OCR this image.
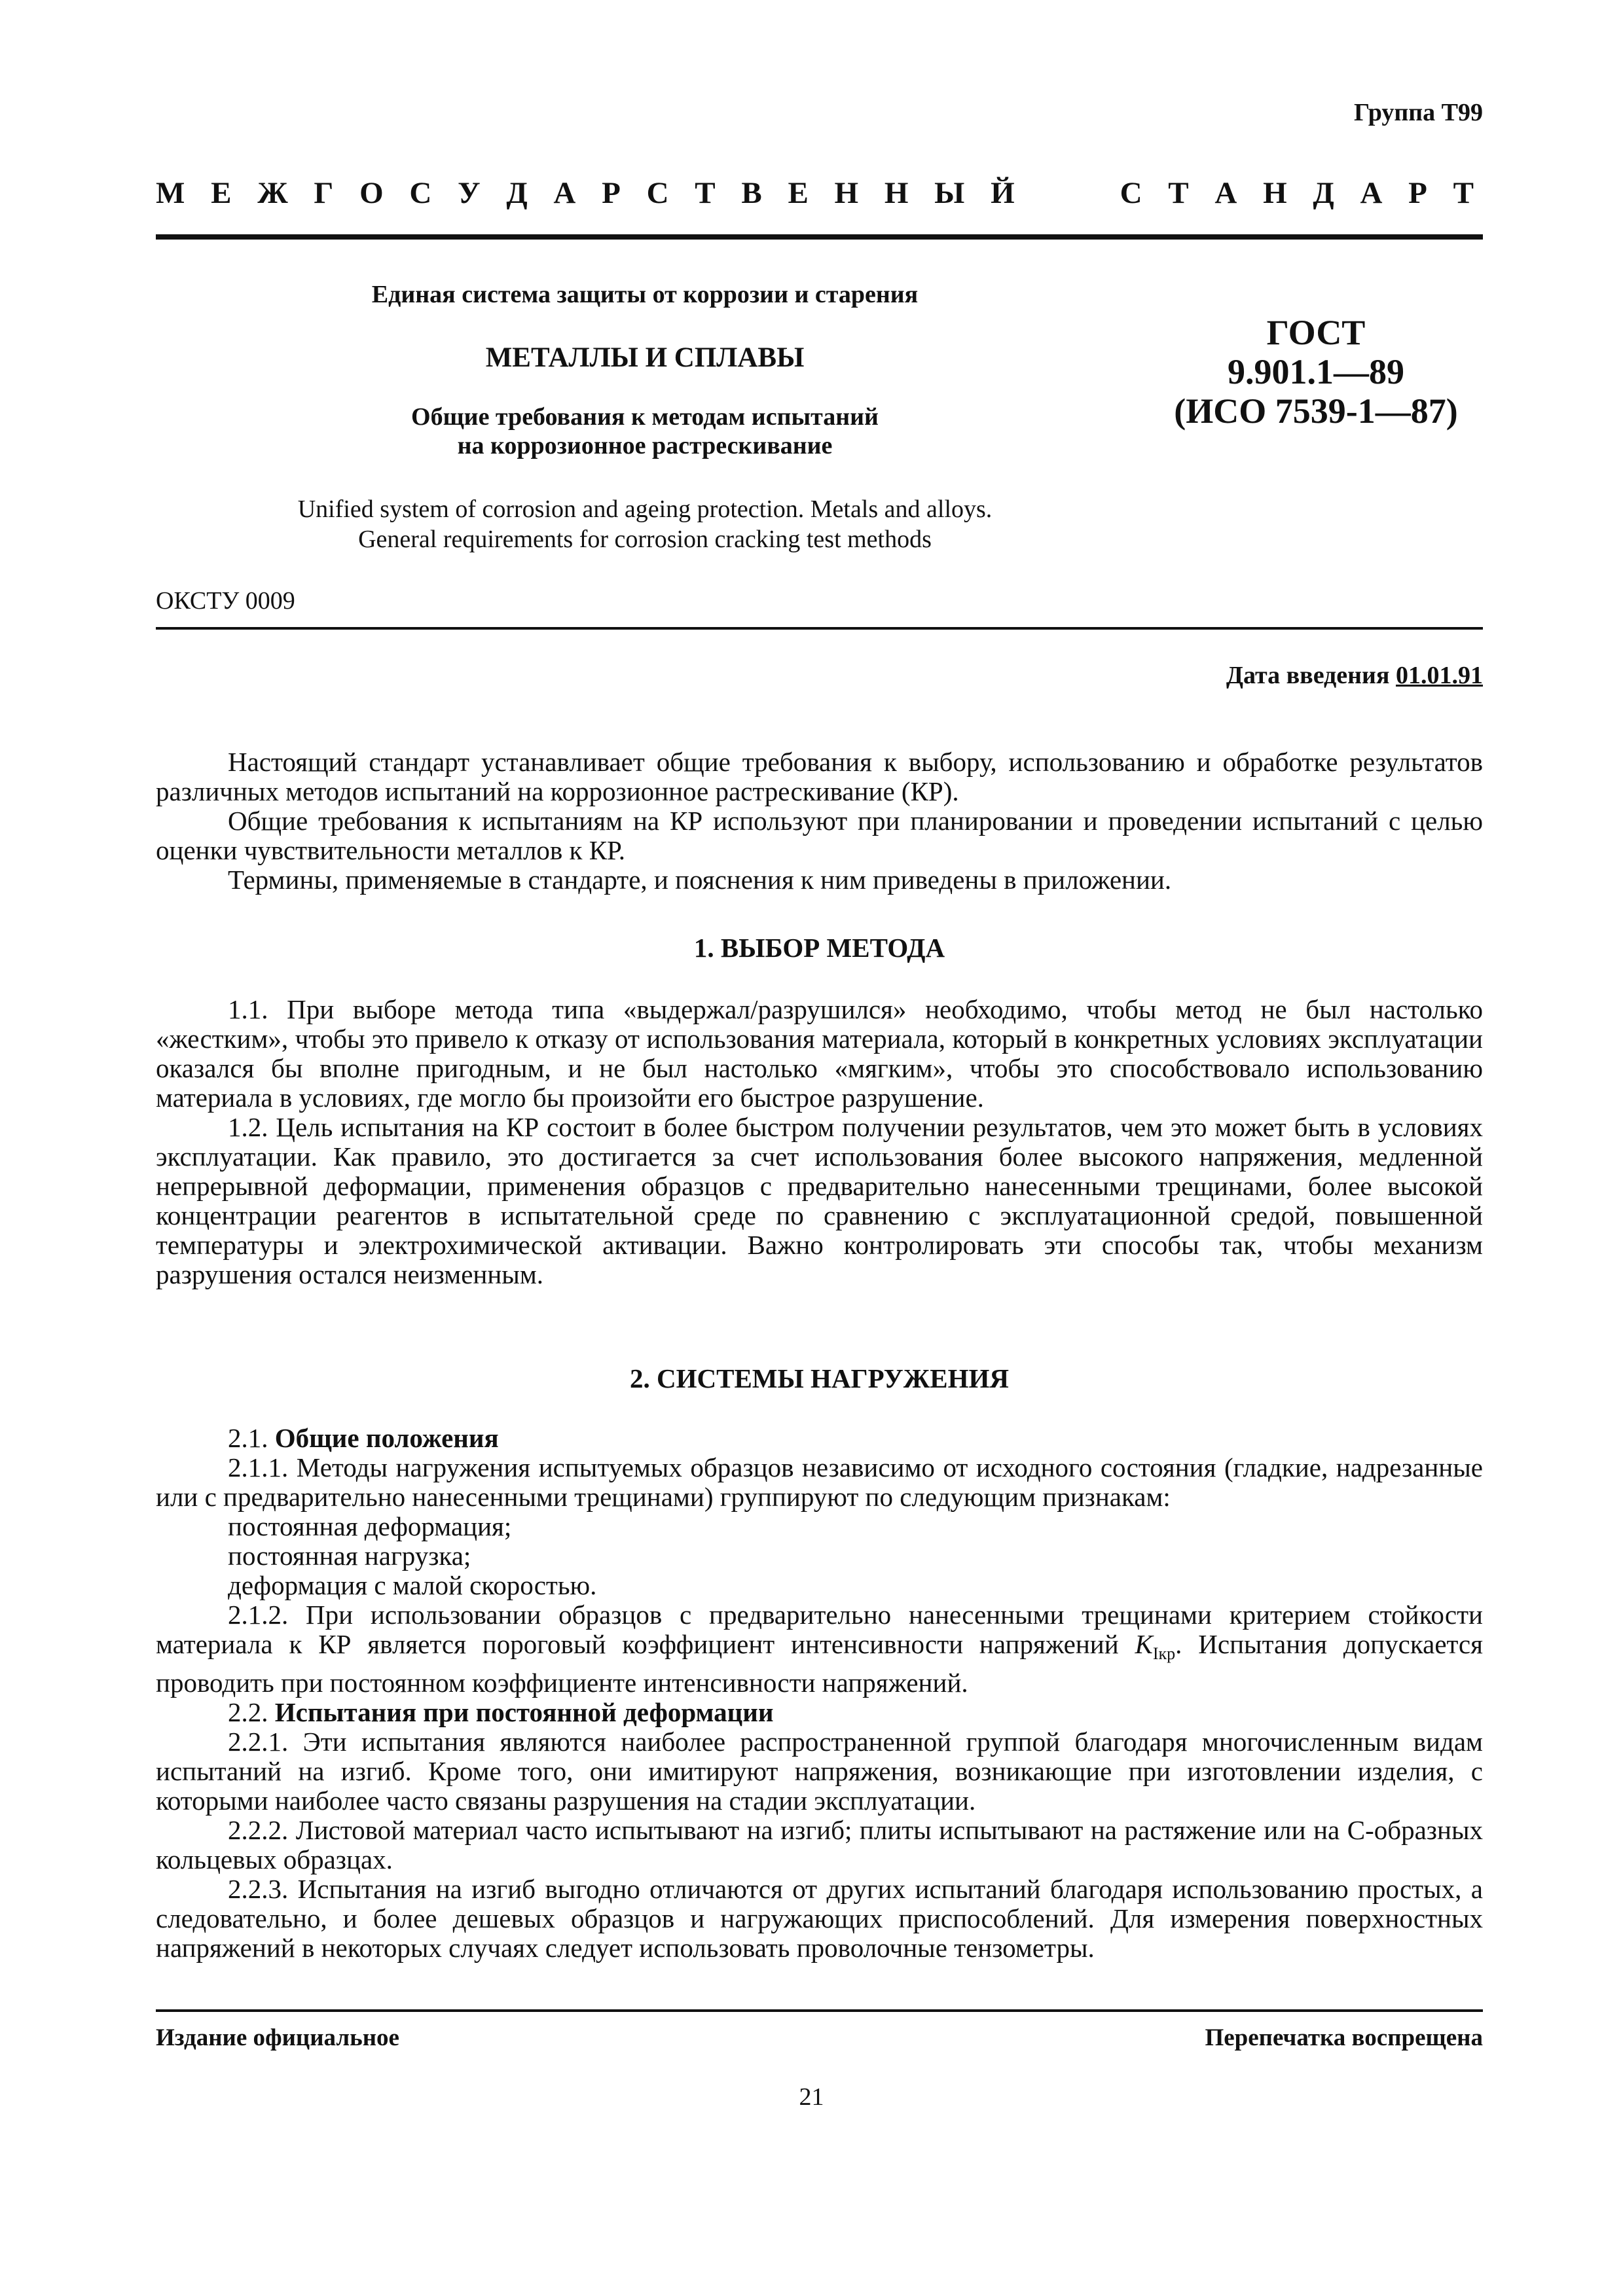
Группа Т99
М Е Ж Г О С У Д А Р С Т В Е Н Н Ы Й	С Т А Н Д А Р Т
Единая система защиты от коррозии и старения
МЕТАЛЛЫ И СПЛАВЫ
Общие требования к методам испытаний
на коррозионное растрескивание
Unified system of corrosion and ageing protection. Metals and alloys.
General requirements for corrosion cracking test methods
ГОСТ
9.901.1—89
(ИСО 7539-1—87)
ОКСТУ 0009
Дата введения 01.01.91

Настоящий стандарт устанавливает общие требования к выбору, использованию и обработке результатов различных методов испытаний на коррозионное растрескивание (КР).

Общие требования к испытаниям на КР используют при планировании и проведении испытаний с целью оценки чувствительности металлов к КР.

Термины, применяемые в стандарте, и пояснения к ним приведены в приложении.

1. ВЫБОР МЕТОДА

1.1. При выборе метода типа «выдержал/разрушился» необходимо, чтобы метод не был настолько «жестким», чтобы это привело к отказу от использования материала, который в конкретных условиях эксплуатации оказался бы вполне пригодным, и не был настолько «мягким», чтобы это способствовало использованию материала в условиях, где могло бы произойти его быстрое разрушение.

1.2. Цель испытания на КР состоит в более быстром получении результатов, чем это может быть в условиях эксплуатации. Как правило, это достигается за счет использования более высокого напряжения, медленной непрерывной деформации, применения образцов с предварительно нанесенными трещинами, более высокой концентрации реагентов в испытательной среде по сравнению с эксплуатационной средой, повышенной температуры и электрохимической активации. Важно контролировать эти способы так, чтобы механизм разрушения остался неизменным.

2. СИСТЕМЫ НАГРУЖЕНИЯ

2.1. Общие положения

2.1.1. Методы нагружения испытуемых образцов независимо от исходного состояния (гладкие, надрезанные или с предварительно нанесенными трещинами) группируют по следующим признакам:

постоянная деформация;

постоянная нагрузка;

деформация с малой скоростью.

2.1.2. При использовании образцов с предварительно нанесенными трещинами критерием стойкости материала к КР является пороговый коэффициент интенсивности напряжений $K_{Iкр}$. Испытания допускается проводить при постоянном коэффициенте интенсивности напряжений.

2.2. Испытания при постоянной деформации

2.2.1. Эти испытания являются наиболее распространенной группой благодаря многочисленным видам испытаний на изгиб. Кроме того, они имитируют напряжения, возникающие при изготовлении изделия, с которыми наиболее часто связаны разрушения на стадии эксплуатации.

2.2.2. Листовой материал часто испытывают на изгиб; плиты испытывают на растяжение или на С-образных кольцевых образцах.

2.2.3. Испытания на изгиб выгодно отличаются от других испытаний благодаря использованию простых, а следовательно, и более дешевых образцов и нагружающих приспособлений. Для измерения поверхностных напряжений в некоторых случаях следует использовать проволочные тензометры.

Издание официальное	Перепечатка воспрещена
21
